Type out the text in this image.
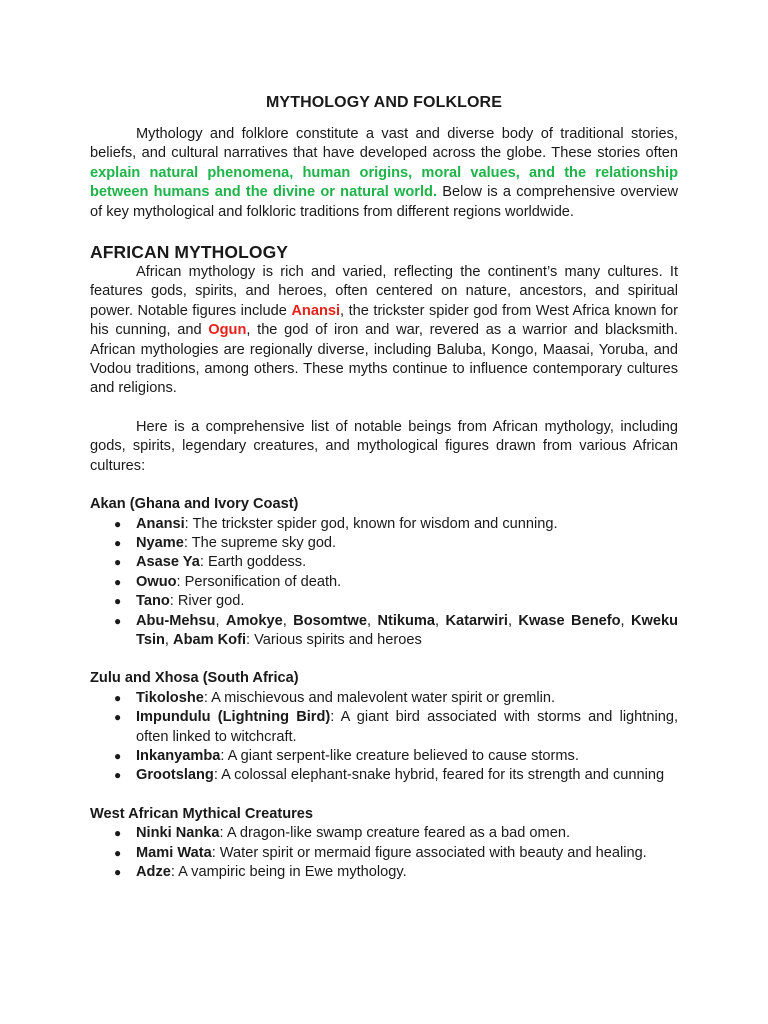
MYTHOLOGY AND FOLKLORE

Mythology and folklore constitute a vast and diverse body of traditional stories, beliefs, and cultural narratives that have developed across the globe. These stories often explain natural phenomena, human origins, moral values, and the relationship between humans and the divine or natural world. Below is a comprehensive overview of key mythological and folkloric traditions from different regions worldwide.

AFRICAN MYTHOLOGY

African mythology is rich and varied, reflecting the continent’s many cultures. It features gods, spirits, and heroes, often centered on nature, ancestors, and spiritual power. Notable figures include Anansi, the trickster spider god from West Africa known for his cunning, and Ogun, the god of iron and war, revered as a warrior and blacksmith. African mythologies are regionally diverse, including Baluba, Kongo, Maasai, Yoruba, and Vodou traditions, among others. These myths continue to influence contemporary cultures and religions.

Here is a comprehensive list of notable beings from African mythology, including gods, spirits, legendary creatures, and mythological figures drawn from various African cultures:

Akan (Ghana and Ivory Coast)

● Anansi: The trickster spider god, known for wisdom and cunning.
● Nyame: The supreme sky god.
● Asase Ya: Earth goddess.
● Owuo: Personification of death.
● Tano: River god.
● Abu-Mehsu, Amokye, Bosomtwe, Ntikuma, Katarwiri, Kwase Benefo, Kweku Tsin, Abam Kofi: Various spirits and heroes

Zulu and Xhosa (South Africa)

● Tikoloshe: A mischievous and malevolent water spirit or gremlin.
● Impundulu (Lightning Bird): A giant bird associated with storms and lightning, often linked to witchcraft.
● Inkanyamba: A giant serpent-like creature believed to cause storms.
● Grootslang: A colossal elephant-snake hybrid, feared for its strength and cunning

West African Mythical Creatures

● Ninki Nanka: A dragon-like swamp creature feared as a bad omen.
● Mami Wata: Water spirit or mermaid figure associated with beauty and healing.
● Adze: A vampiric being in Ewe mythology.
